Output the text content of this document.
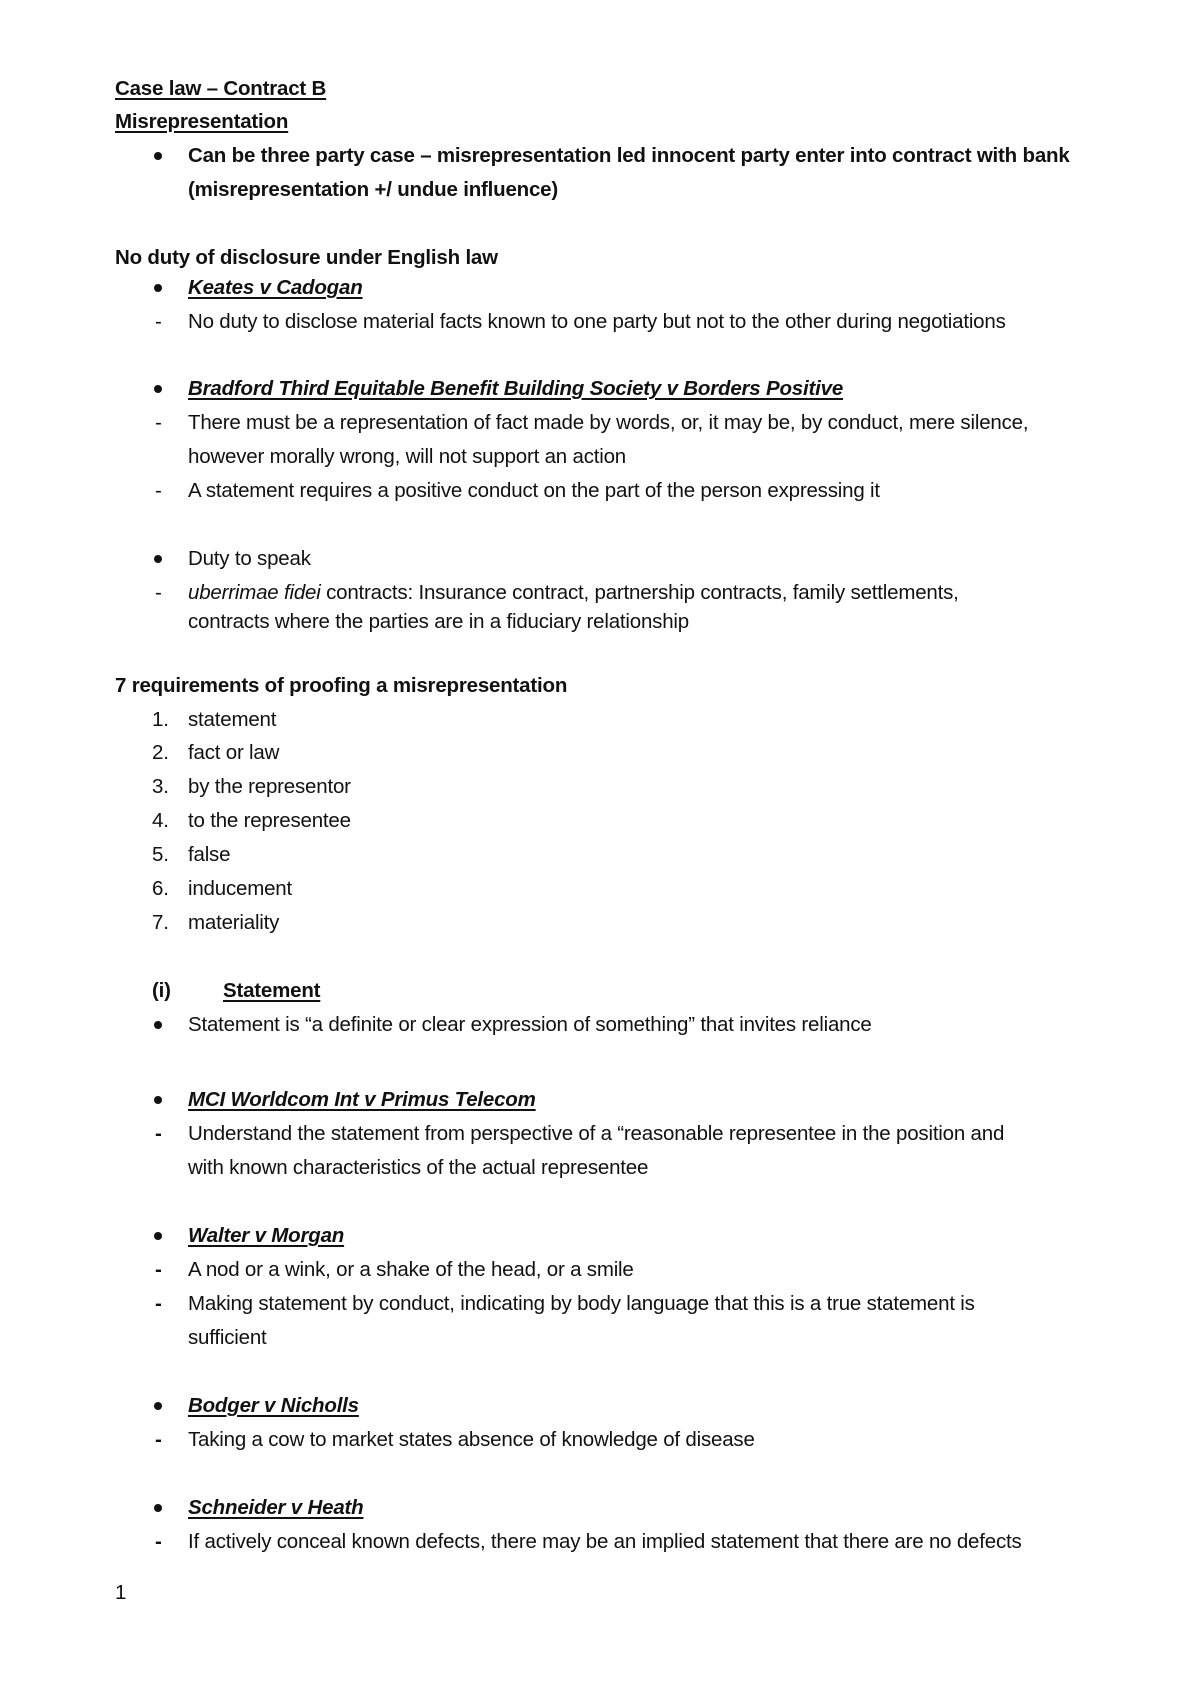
Case law – Contract B
Misrepresentation
Can be three party case – misrepresentation led innocent party enter into contract with bank
(misrepresentation +/ undue influence)
No duty of disclosure under English law
Keates v Cadogan
- No duty to disclose material facts known to one party but not to the other during negotiations
Bradford Third Equitable Benefit Building Society v Borders Positive
- There must be a representation of fact made by words, or, it may be, by conduct, mere silence,
however morally wrong, will not support an action
- A statement requires a positive conduct on the part of the person expressing it
Duty to speak
- uberrimae fidei contracts: Insurance contract, partnership contracts, family settlements,
contracts where the parties are in a fiduciary relationship
7 requirements of proofing a misrepresentation
1. statement
2. fact or law
3. by the representor
4. to the representee
5. false
6. inducement
7. materiality
(i)	Statement
Statement is “a definite or clear expression of something” that invites reliance
MCI Worldcom Int v Primus Telecom
- Understand the statement from perspective of a “reasonable representee in the position and
with known characteristics of the actual representee
Walter v Morgan
- A nod or a wink, or a shake of the head, or a smile
- Making statement by conduct, indicating by body language that this is a true statement is
sufficient
Bodger v Nicholls
- Taking a cow to market states absence of knowledge of disease
Schneider v Heath
- If actively conceal known defects, there may be an implied statement that there are no defects
1
